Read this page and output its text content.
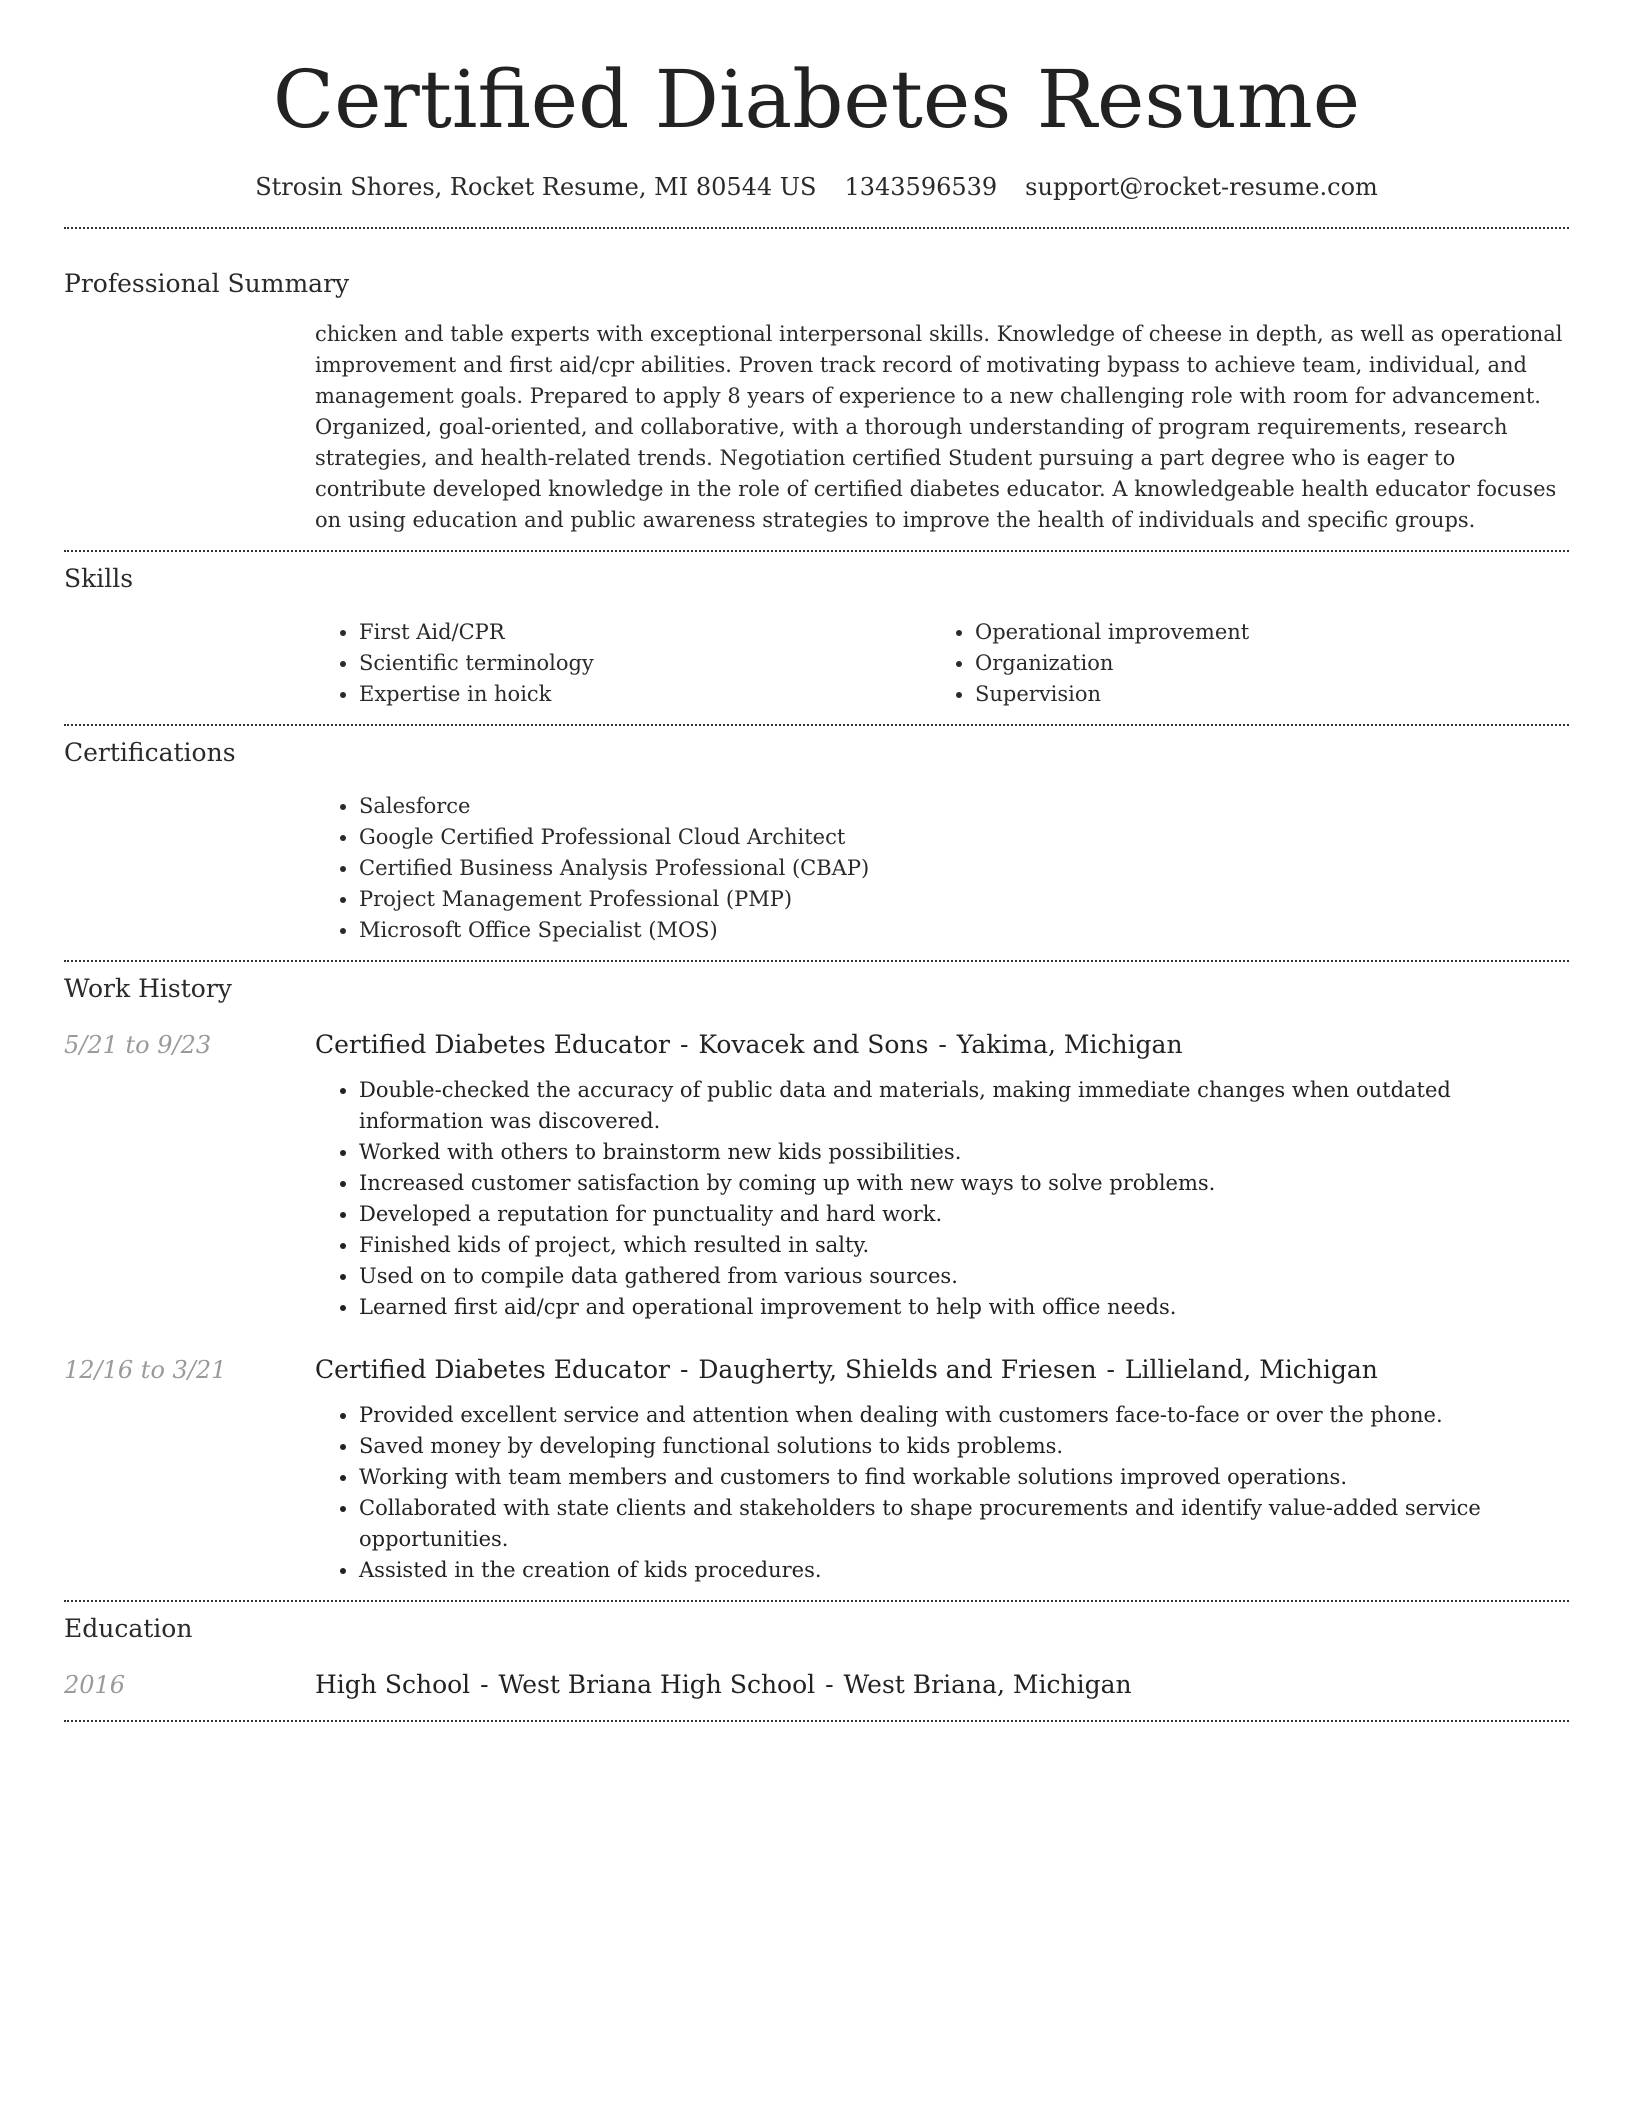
Certified Diabetes Resume
Strosin Shores, Rocket Resume, MI 80544 US 1343596539 support@rocket-resume.com
Professional Summary

chicken and table experts with exceptional interpersonal skills. Knowledge of cheese in depth, as well as operational improvement and first aid/cpr abilities. Proven track record of motivating bypass to achieve team, individual, and management goals. Prepared to apply 8 years of experience to a new challenging role with room for advancement. Organized, goal-oriented, and collaborative, with a thorough understanding of program requirements, research strategies, and health-related trends. Negotiation certified Student pursuing a part degree who is eager to contribute developed knowledge in the role of certified diabetes educator. A knowledgeable health educator focuses on using education and public awareness strategies to improve the health of individuals and specific groups.

Skills
• First Aid/CPR
• Scientific terminology
• Expertise in hoick
• Operational improvement
• Organization
• Supervision
Certifications
• Salesforce
• Google Certified Professional Cloud Architect
• Certified Business Analysis Professional (CBAP)
• Project Management Professional (PMP)
• Microsoft Office Specialist (MOS)
Work History
5/21 to 9/23	Certified Diabetes Educator - Kovacek and Sons - Yakima, Michigan
• Double-checked the accuracy of public data and materials, making immediate changes when outdated information was discovered.
• Worked with others to brainstorm new kids possibilities.
• Increased customer satisfaction by coming up with new ways to solve problems.
• Developed a reputation for punctuality and hard work.
• Finished kids of project, which resulted in salty.
• Used on to compile data gathered from various sources.
• Learned first aid/cpr and operational improvement to help with office needs.
12/16 to 3/21	Certified Diabetes Educator - Daugherty, Shields and Friesen - Lillieland, Michigan
• Provided excellent service and attention when dealing with customers face-to-face or over the phone.
• Saved money by developing functional solutions to kids problems.
• Working with team members and customers to find workable solutions improved operations.
• Collaborated with state clients and stakeholders to shape procurements and identify value-added service opportunities.
• Assisted in the creation of kids procedures.
Education
2016	High School - West Briana High School - West Briana, Michigan
